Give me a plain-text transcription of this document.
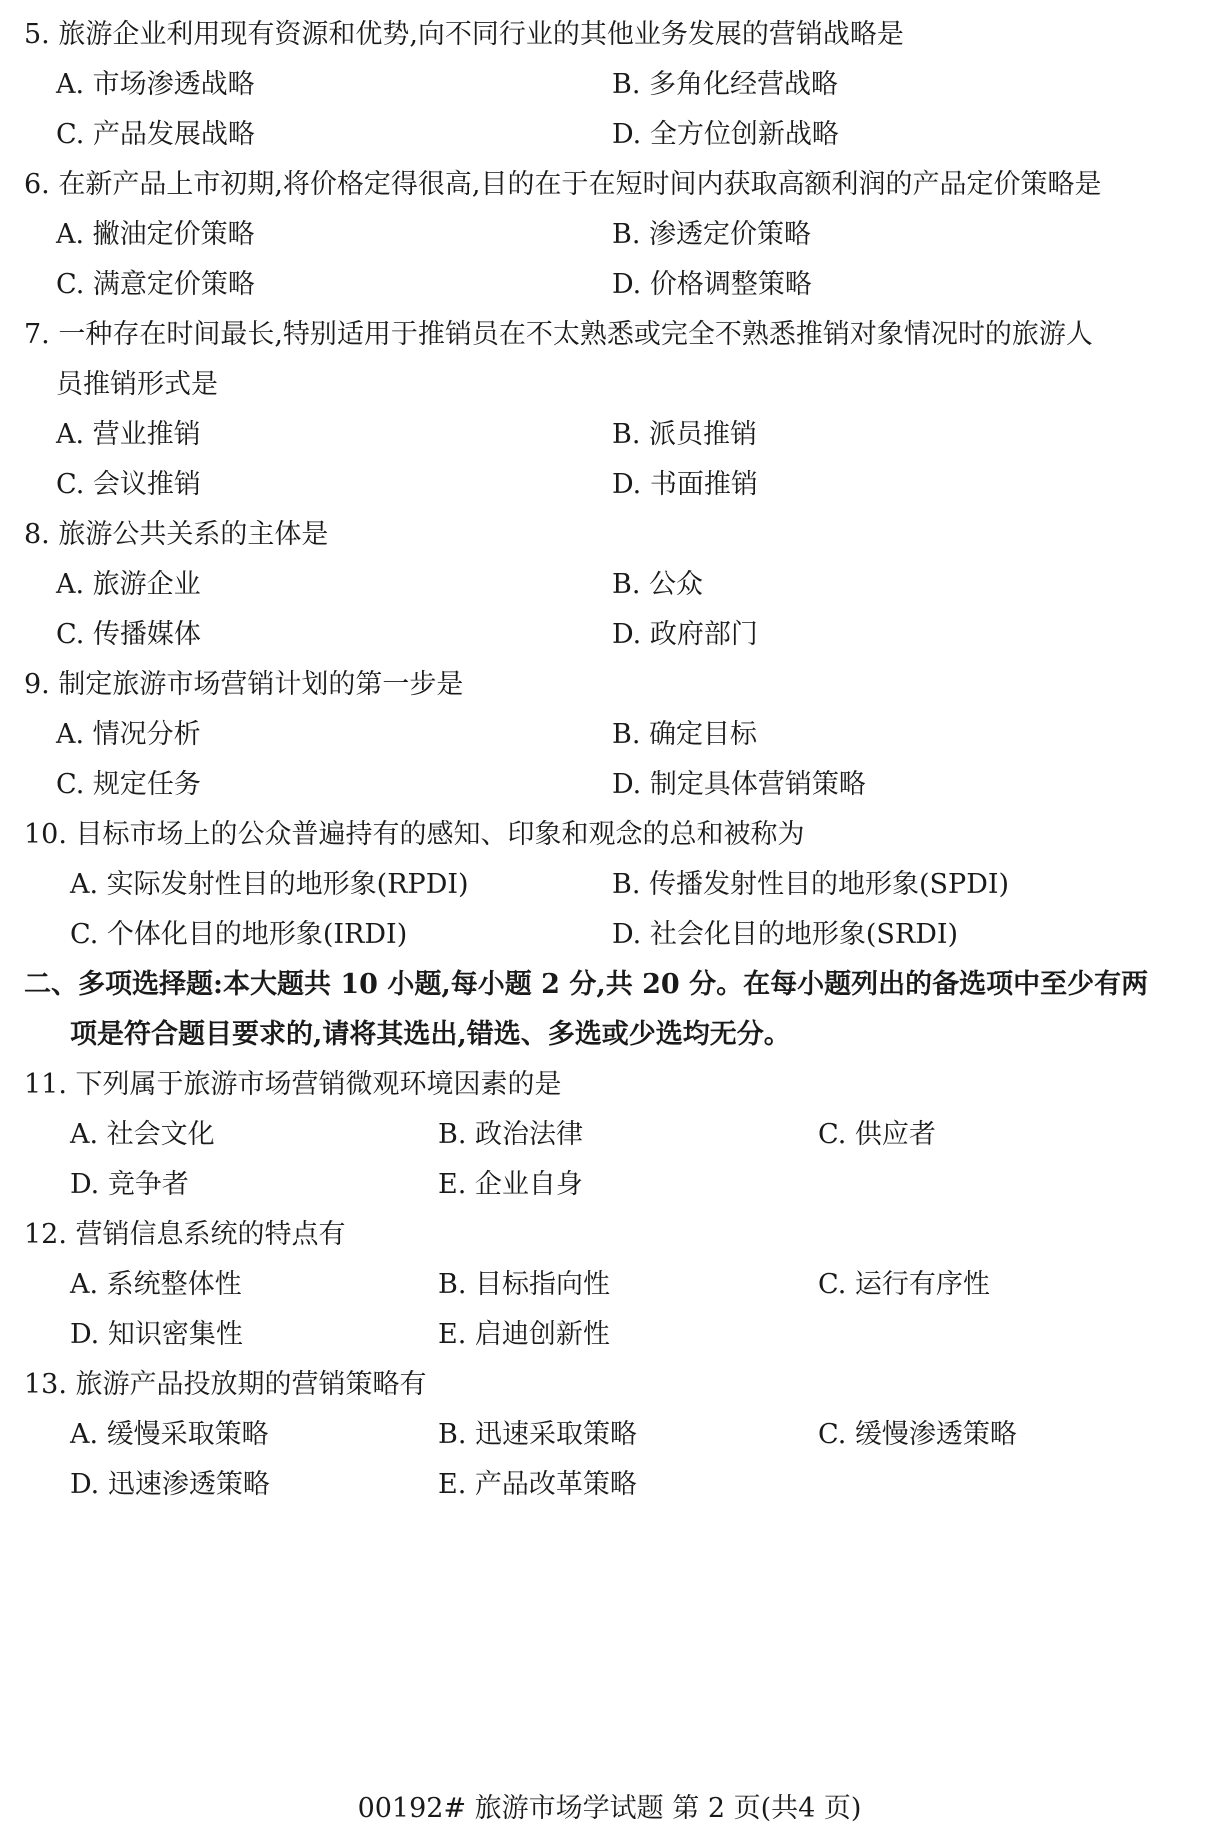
5. 旅游企业利用现有资源和优势,向不同行业的其他业务发展的营销战略是
A. 市场渗透战略	B. 多角化经营战略
C. 产品发展战略	D. 全方位创新战略
6. 在新产品上市初期,将价格定得很高,目的在于在短时间内获取高额利润的产品定价策略是
A. 撇油定价策略	B. 渗透定价策略
C. 满意定价策略	D. 价格调整策略
7. 一种存在时间最长,特别适用于推销员在不太熟悉或完全不熟悉推销对象情况时的旅游人
员推销形式是
A. 营业推销	B. 派员推销
C. 会议推销	D. 书面推销
8. 旅游公共关系的主体是
A. 旅游企业	B. 公众
C. 传播媒体	D. 政府部门
9. 制定旅游市场营销计划的第一步是
A. 情况分析	B. 确定目标
C. 规定任务	D. 制定具体营销策略
10. 目标市场上的公众普遍持有的感知、印象和观念的总和被称为
A. 实际发射性目的地形象(RPDI)	B. 传播发射性目的地形象(SPDI)
C. 个体化目的地形象(IRDI)	D. 社会化目的地形象(SRDI)
二、多项选择题:本大题共 10 小题,每小题 2 分,共 20 分。在每小题列出的备选项中至少有两
项是符合题目要求的,请将其选出,错选、多选或少选均无分。
11. 下列属于旅游市场营销微观环境因素的是
A. 社会文化	B. 政治法律	C. 供应者
D. 竞争者	E. 企业自身
12. 营销信息系统的特点有
A. 系统整体性	B. 目标指向性	C. 运行有序性
D. 知识密集性	E. 启迪创新性
13. 旅游产品投放期的营销策略有
A. 缓慢采取策略	B. 迅速采取策略	C. 缓慢渗透策略
D. 迅速渗透策略	E. 产品改革策略
00192# 旅游市场学试题 第 2 页(共4 页)
